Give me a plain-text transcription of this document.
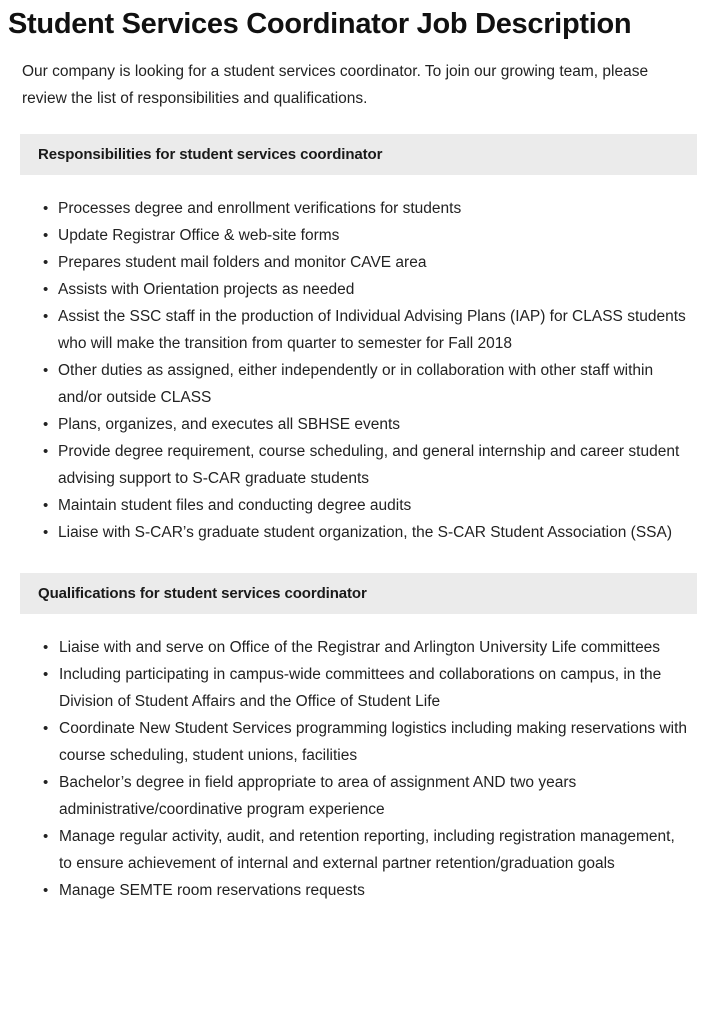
Student Services Coordinator Job Description

Our company is looking for a student services coordinator. To join our growing team, please review the list of responsibilities and qualifications.

Responsibilities for student services coordinator
• Processes degree and enrollment verifications for students
• Update Registrar Office & web-site forms
• Prepares student mail folders and monitor CAVE area
• Assists with Orientation projects as needed
• Assist the SSC staff in the production of Individual Advising Plans (IAP) for CLASS students who will make the transition from quarter to semester for Fall 2018
• Other duties as assigned, either independently or in collaboration with other staff within and/or outside CLASS
• Plans, organizes, and executes all SBHSE events
• Provide degree requirement, course scheduling, and general internship and career student advising support to S-CAR graduate students
• Maintain student files and conducting degree audits
• Liaise with S-CAR’s graduate student organization, the S-CAR Student Association (SSA)
Qualifications for student services coordinator
• Liaise with and serve on Office of the Registrar and Arlington University Life committees
• Including participating in campus-wide committees and collaborations on campus, in the Division of Student Affairs and the Office of Student Life
• Coordinate New Student Services programming logistics including making reservations with course scheduling, student unions, facilities
• Bachelor’s degree in field appropriate to area of assignment AND two years administrative/coordinative program experience
• Manage regular activity, audit, and retention reporting, including registration management, to ensure achievement of internal and external partner retention/graduation goals
• Manage SEMTE room reservations requests
